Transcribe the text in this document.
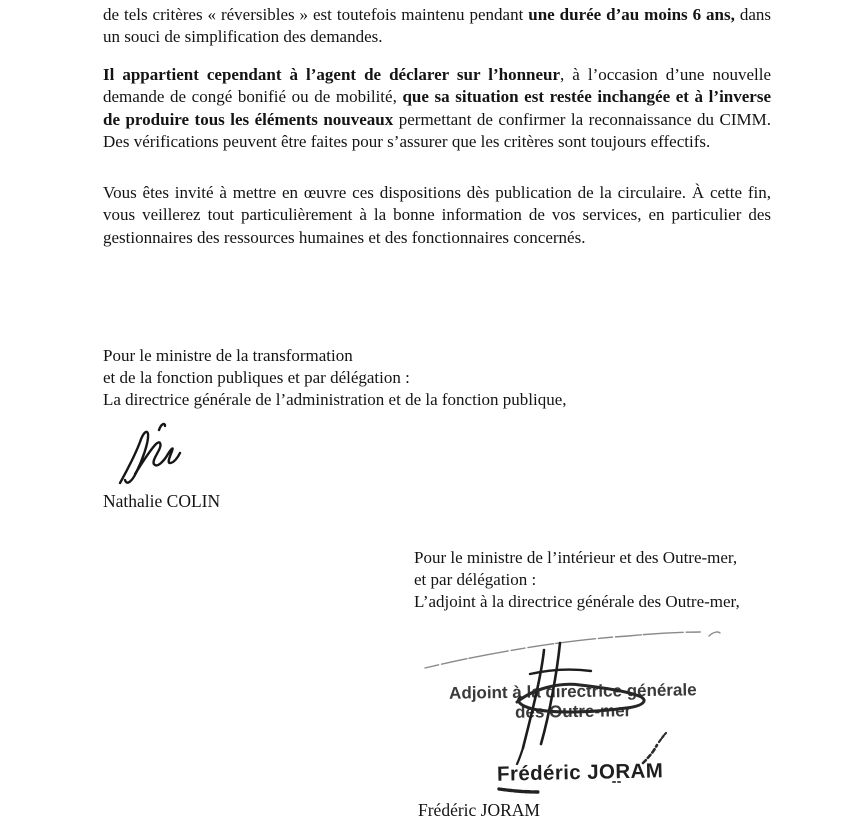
de tels critères « réversibles » est toutefois maintenu pendant une durée d’au moins 6 ans, dans un souci de simplification des demandes.

Il appartient cependant à l’agent de déclarer sur l’honneur, à l’occasion d’une nouvelle demande de congé bonifié ou de mobilité, que sa situation est restée inchangée et à l’inverse de produire tous les éléments nouveaux permettant de confirmer la reconnaissance du CIMM. Des vérifications peuvent être faites pour s’assurer que les critères sont toujours effectifs.

Vous êtes invité à mettre en œuvre ces dispositions dès publication de la circulaire. À cette fin, vous veillerez tout particulièrement à la bonne information de vos services, en particulier des gestionnaires des ressources humaines et des fonctionnaires concernés.

Pour le ministre de la transformation
et de la fonction publiques et par délégation :
La directrice générale de l’administration et de la fonction publique,
Nathalie COLIN
Pour le ministre de l’intérieur et des Outre-mer,
et par délégation :
L’adjoint à la directrice générale des Outre-mer,
Adjoint à la directrice générale
des Outre-mer
Frédéric JORAM
Frédéric JORAM
